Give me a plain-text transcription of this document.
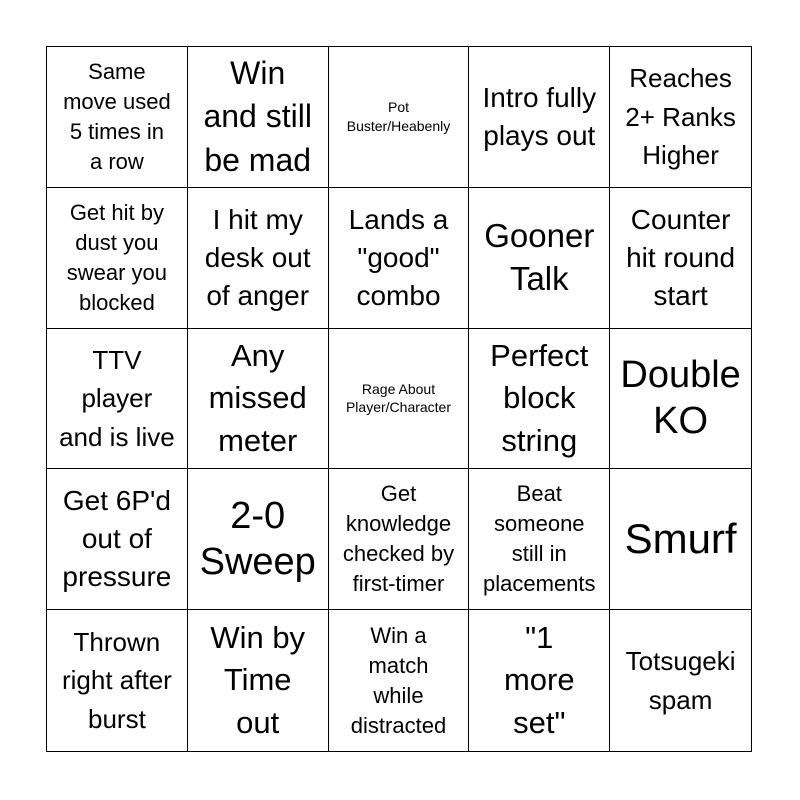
Same
move used
5 times in
a row
Win
and still
be mad
Pot
Buster/Heabenly
Intro fully
plays out
Reaches
2+ Ranks
Higher
Get hit by
dust you
swear you
blocked
I hit my
desk out
of anger
Lands a
"good"
combo
Gooner
Talk
Counter
hit round
start
TTV
player
and is live
Any
missed
meter
Rage About
Player/Character
Perfect
block
string
Double
KO
Get 6P'd
out of
pressure
2-0
Sweep
Get
knowledge
checked by
first-timer
Beat
someone
still in
placements
Smurf
Thrown
right after
burst
Win by
Time
out
Win a
match
while
distracted
"1
more
set"
Totsugeki
spam
